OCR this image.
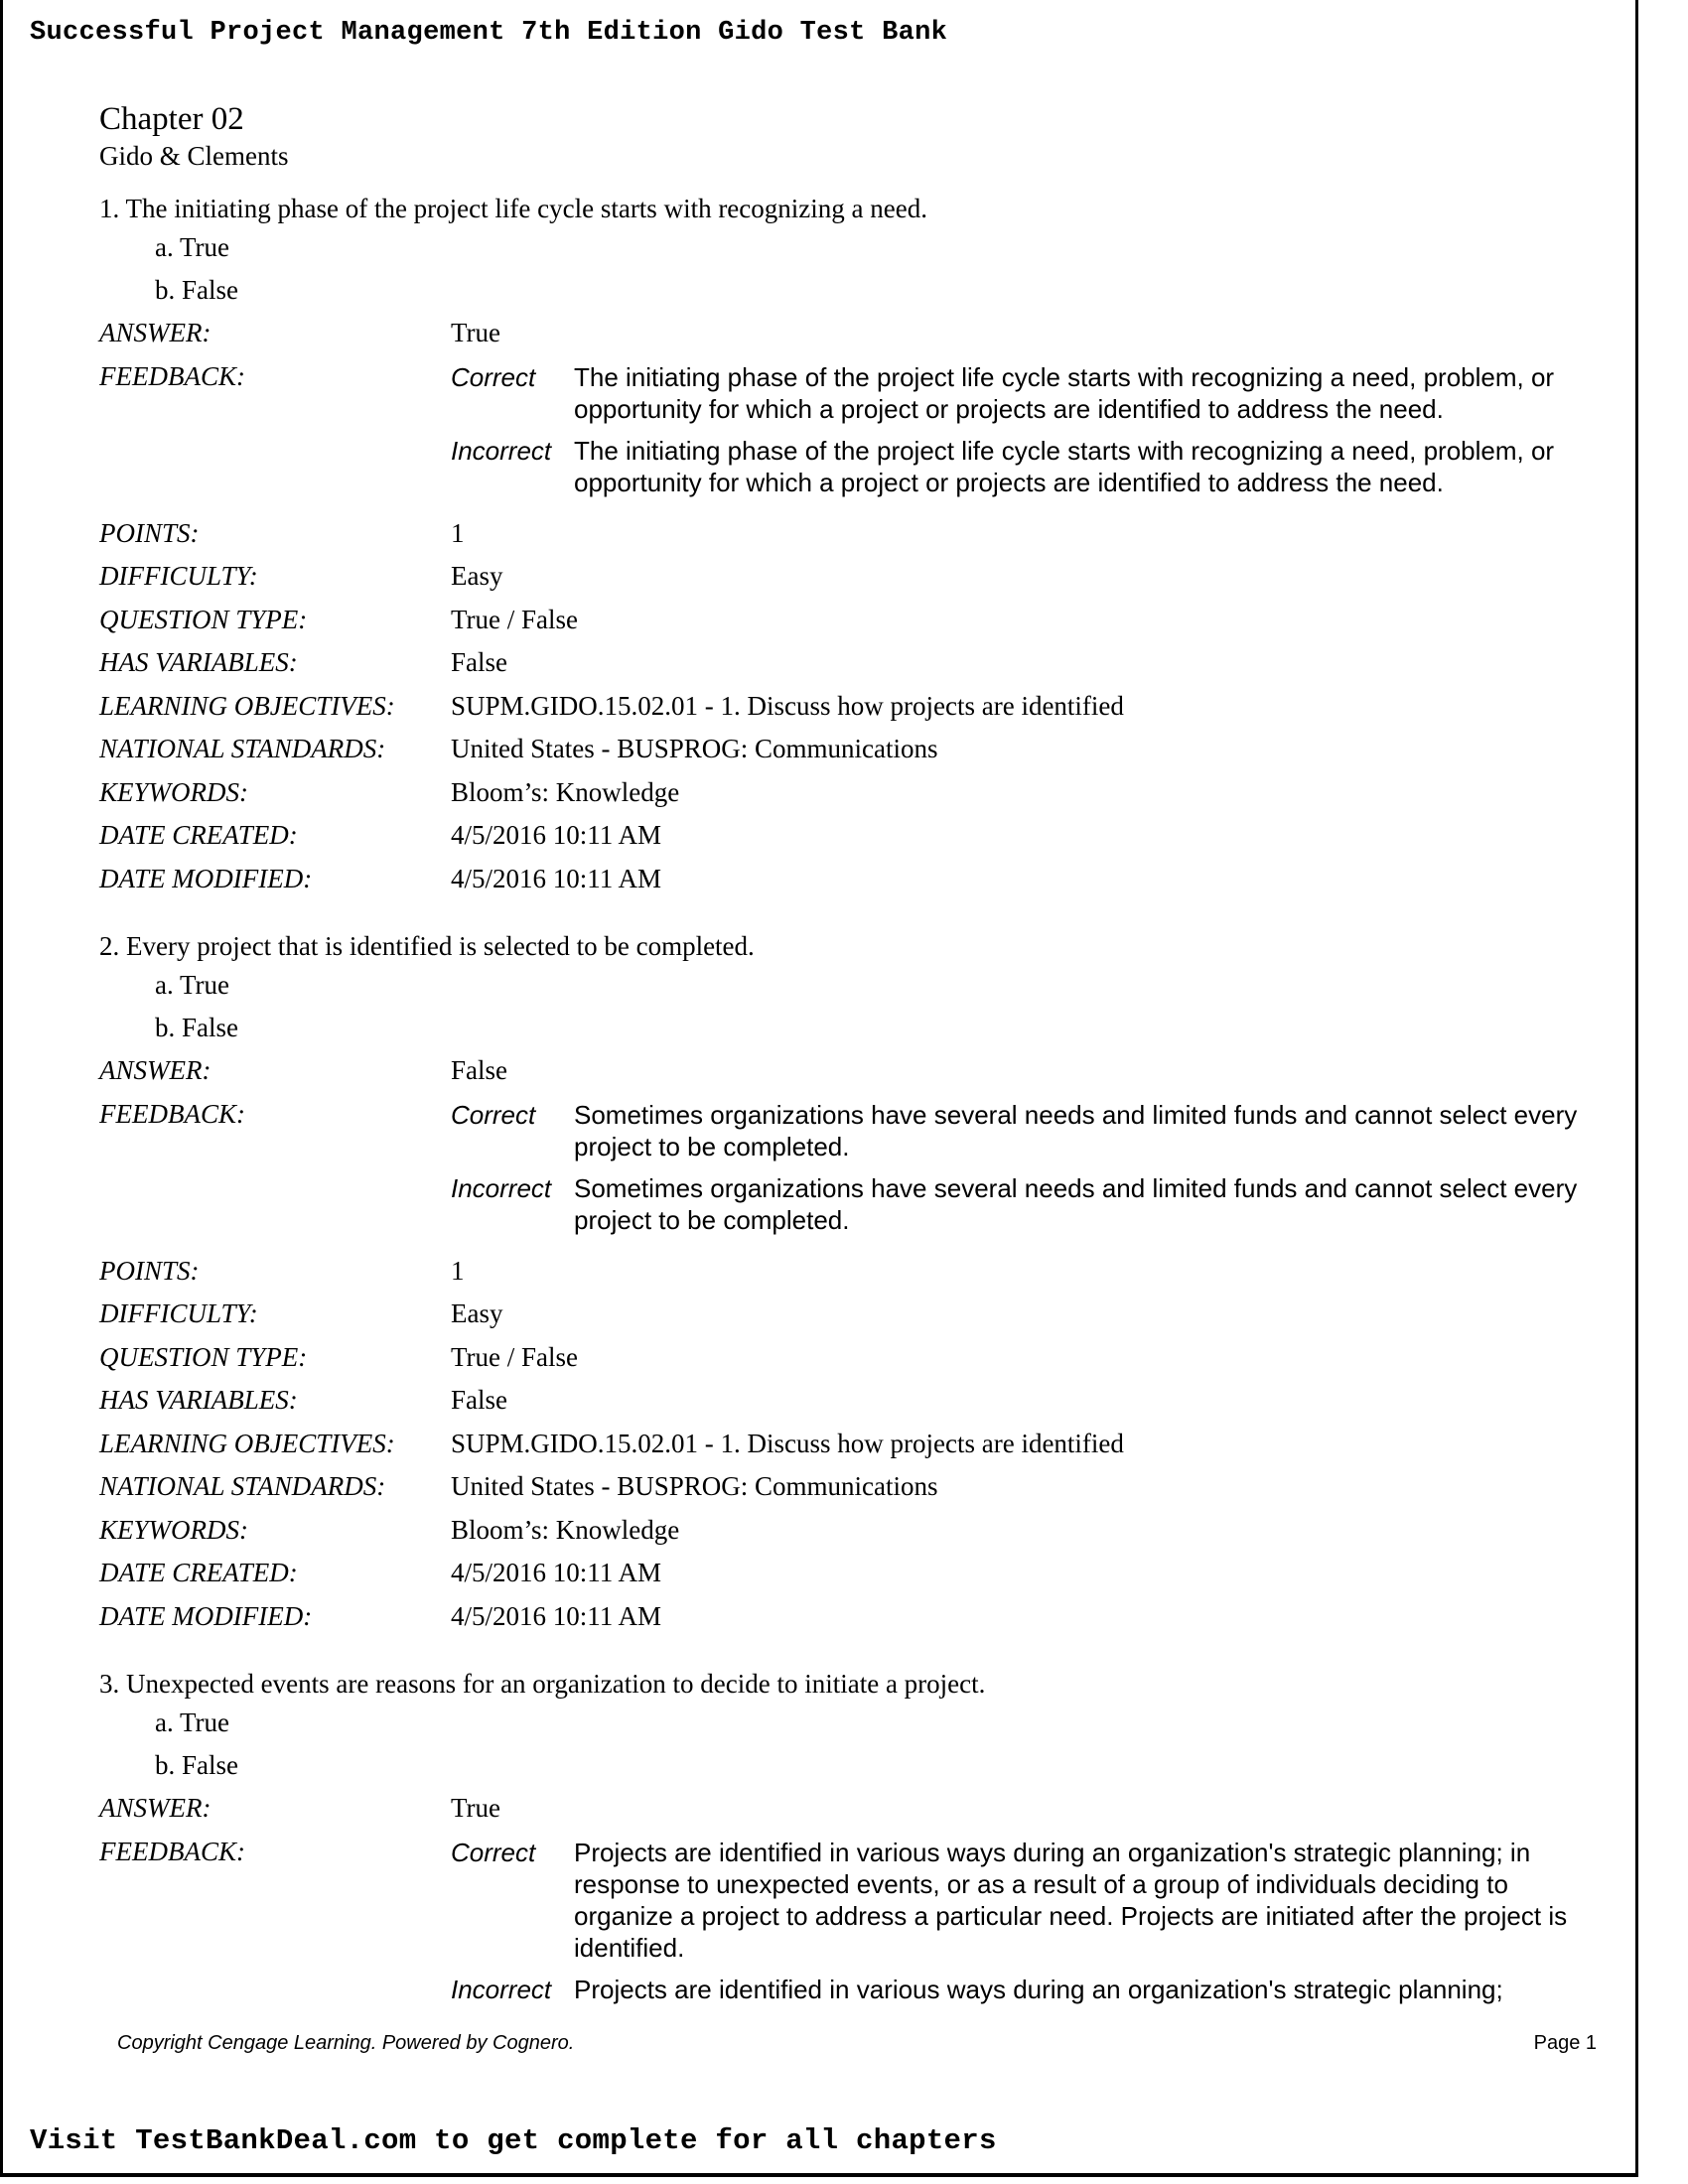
Successful Project Management 7th Edition Gido Test Bank
Chapter 02
Gido & Clements
1. The initiating phase of the project life cycle starts with recognizing a need.
a. True
b. False
ANSWER:	True
FEEDBACK:	Correct	The initiating phase of the project life cycle starts with recognizing a need, problem, or opportunity for which a project or projects are identified to address the need.
Incorrect The initiating phase of the project life cycle starts with recognizing a need, problem, or opportunity for which a project or projects are identified to address the need.
POINTS:	1
DIFFICULTY:	Easy
QUESTION TYPE:	True / False
HAS VARIABLES:	False
LEARNING OBJECTIVES:	SUPM.GIDO.15.02.01 - 1. Discuss how projects are identified
NATIONAL STANDARDS:	United States - BUSPROG: Communications
KEYWORDS:	Bloom’s: Knowledge
DATE CREATED:	4/5/2016 10:11 AM
DATE MODIFIED:	4/5/2016 10:11 AM
2. Every project that is identified is selected to be completed.
a. True
b. False
ANSWER:	False
FEEDBACK:	Correct	Sometimes organizations have several needs and limited funds and cannot select every project to be completed.
Incorrect Sometimes organizations have several needs and limited funds and cannot select every project to be completed.
POINTS:	1
DIFFICULTY:	Easy
QUESTION TYPE:	True / False
HAS VARIABLES:	False
LEARNING OBJECTIVES:	SUPM.GIDO.15.02.01 - 1. Discuss how projects are identified
NATIONAL STANDARDS:	United States - BUSPROG: Communications
KEYWORDS:	Bloom’s: Knowledge
DATE CREATED:	4/5/2016 10:11 AM
DATE MODIFIED:	4/5/2016 10:11 AM
3. Unexpected events are reasons for an organization to decide to initiate a project.
a. True
b. False
ANSWER:	True
FEEDBACK:	Correct	Projects are identified in various ways during an organization's strategic planning; in response to unexpected events, or as a result of a group of individuals deciding to organize a project to address a particular need. Projects are initiated after the project is identified.
Incorrect Projects are identified in various ways during an organization's strategic planning;
Copyright Cengage Learning. Powered by Cognero.	Page 1
Visit TestBankDeal.com to get complete for all chapters
